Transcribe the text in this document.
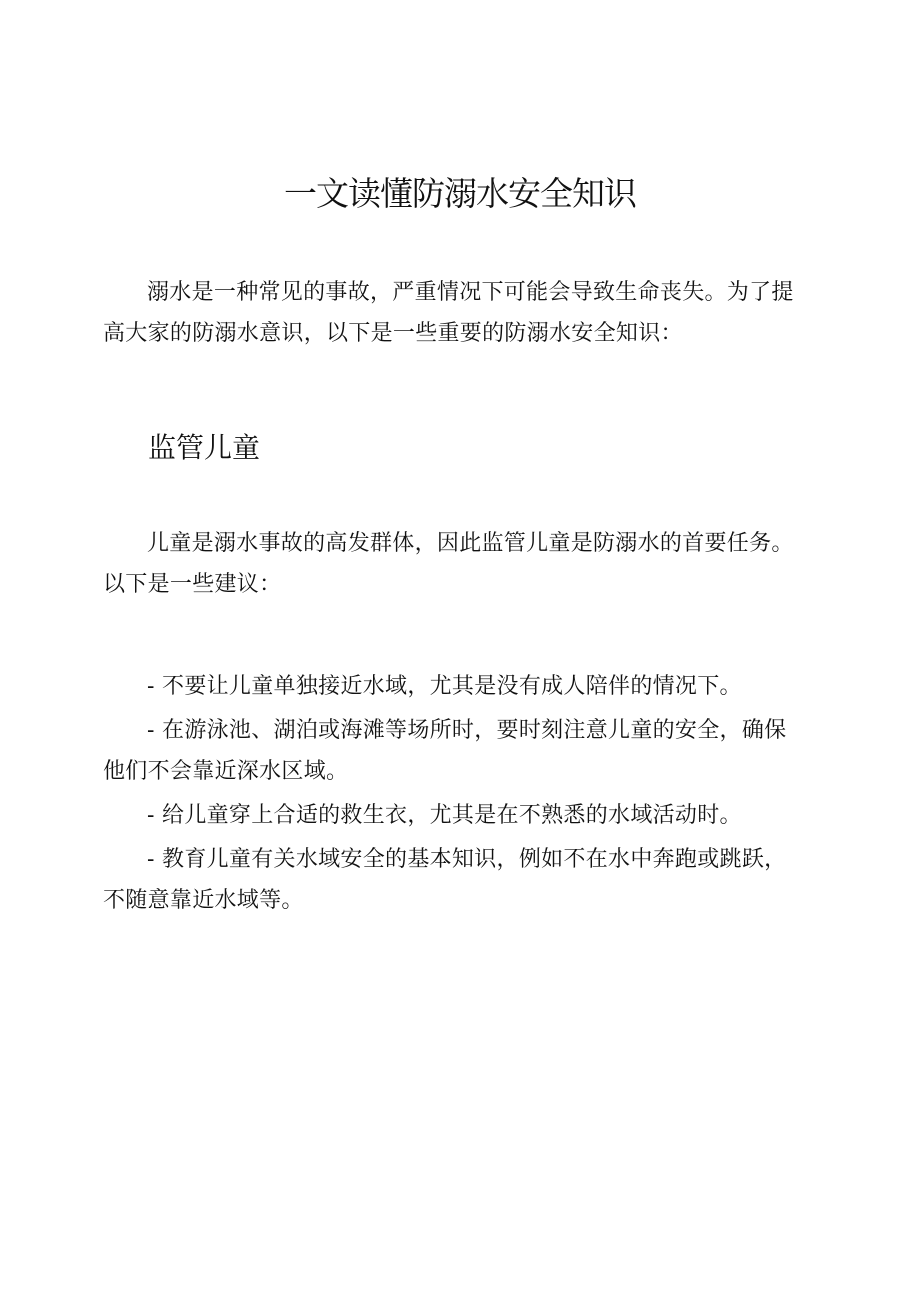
一文读懂防溺水安全知识

溺水是一种常见的事故，严重情况下可能会导致生命丧失。为了提高大家的防溺水意识，以下是一些重要的防溺水安全知识：

监管儿童

儿童是溺水事故的高发群体，因此监管儿童是防溺水的首要任务。以下是一些建议：

- 不要让儿童单独接近水域，尤其是没有成人陪伴的情况下。
- 在游泳池、湖泊或海滩等场所时，要时刻注意儿童的安全，确保他们不会靠近深水区域。
- 给儿童穿上合适的救生衣，尤其是在不熟悉的水域活动时。
- 教育儿童有关水域安全的基本知识，例如不在水中奔跑或跳跃，不随意靠近水域等。
